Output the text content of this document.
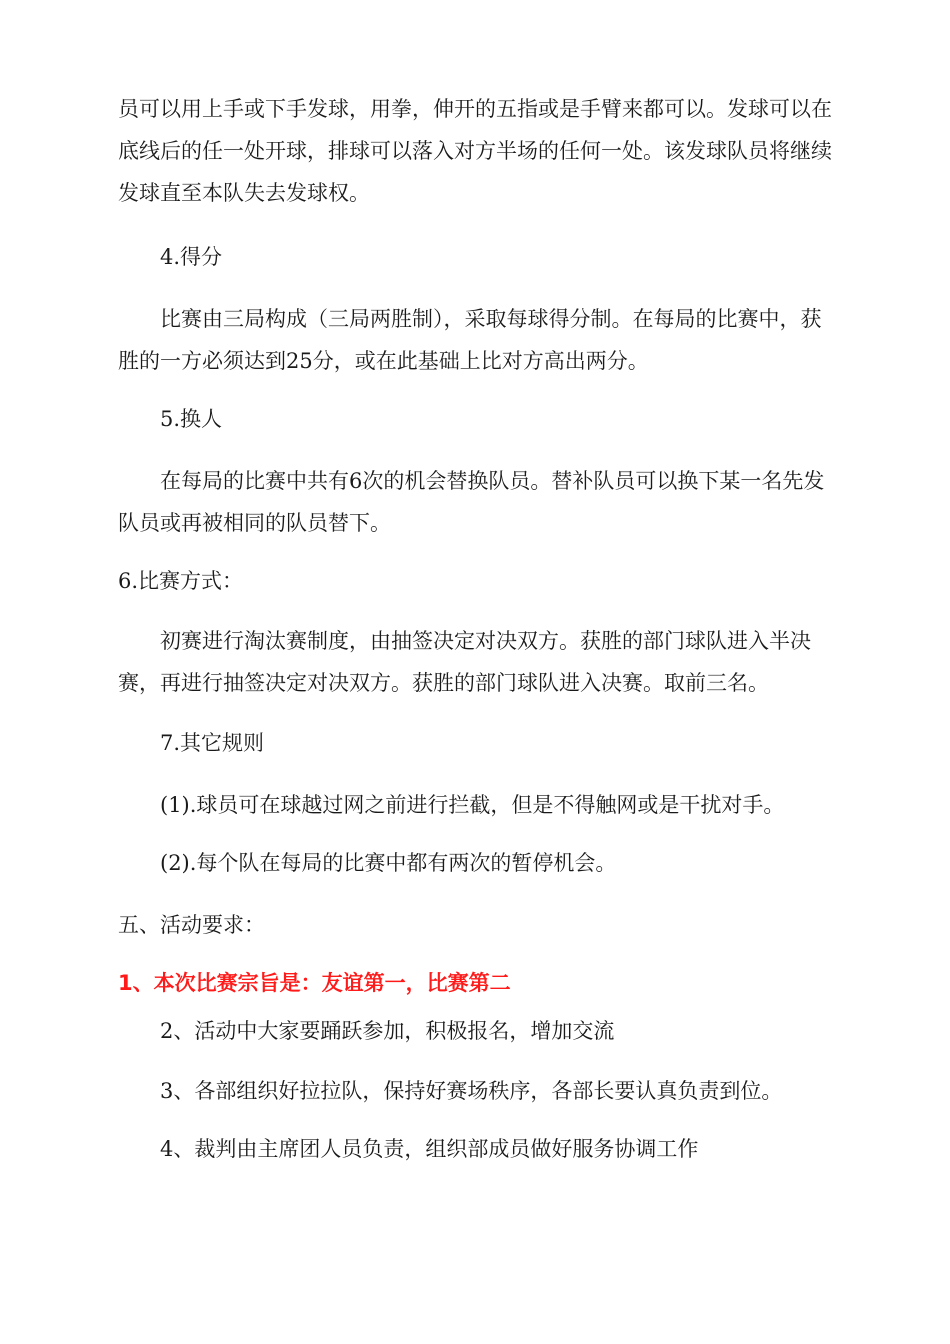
员可以用上手或下手发球，用拳，伸开的五指或是手臂来都可以。发球可以在底线后的任一处开球，排球可以落入对方半场的任何一处。该发球队员将继续发球直至本队失去发球权。

4.得分

比赛由三局构成（三局两胜制），采取每球得分制。在每局的比赛中，获胜的一方必须达到25分，或在此基础上比对方高出两分。

5.换人

在每局的比赛中共有6次的机会替换队员。替补队员可以换下某一名先发队员或再被相同的队员替下。

6.比赛方式：

初赛进行淘汰赛制度，由抽签决定对决双方。获胜的部门球队进入半决赛，再进行抽签决定对决双方。获胜的部门球队进入决赛。取前三名。

7.其它规则

(1).球员可在球越过网之前进行拦截，但是不得触网或是干扰对手。

(2).每个队在每局的比赛中都有两次的暂停机会。

五、活动要求：

1、本次比赛宗旨是：友谊第一，比赛第二

2、活动中大家要踊跃参加，积极报名，增加交流

3、各部组织好拉拉队，保持好赛场秩序，各部长要认真负责到位。

4、裁判由主席团人员负责，组织部成员做好服务协调工作
